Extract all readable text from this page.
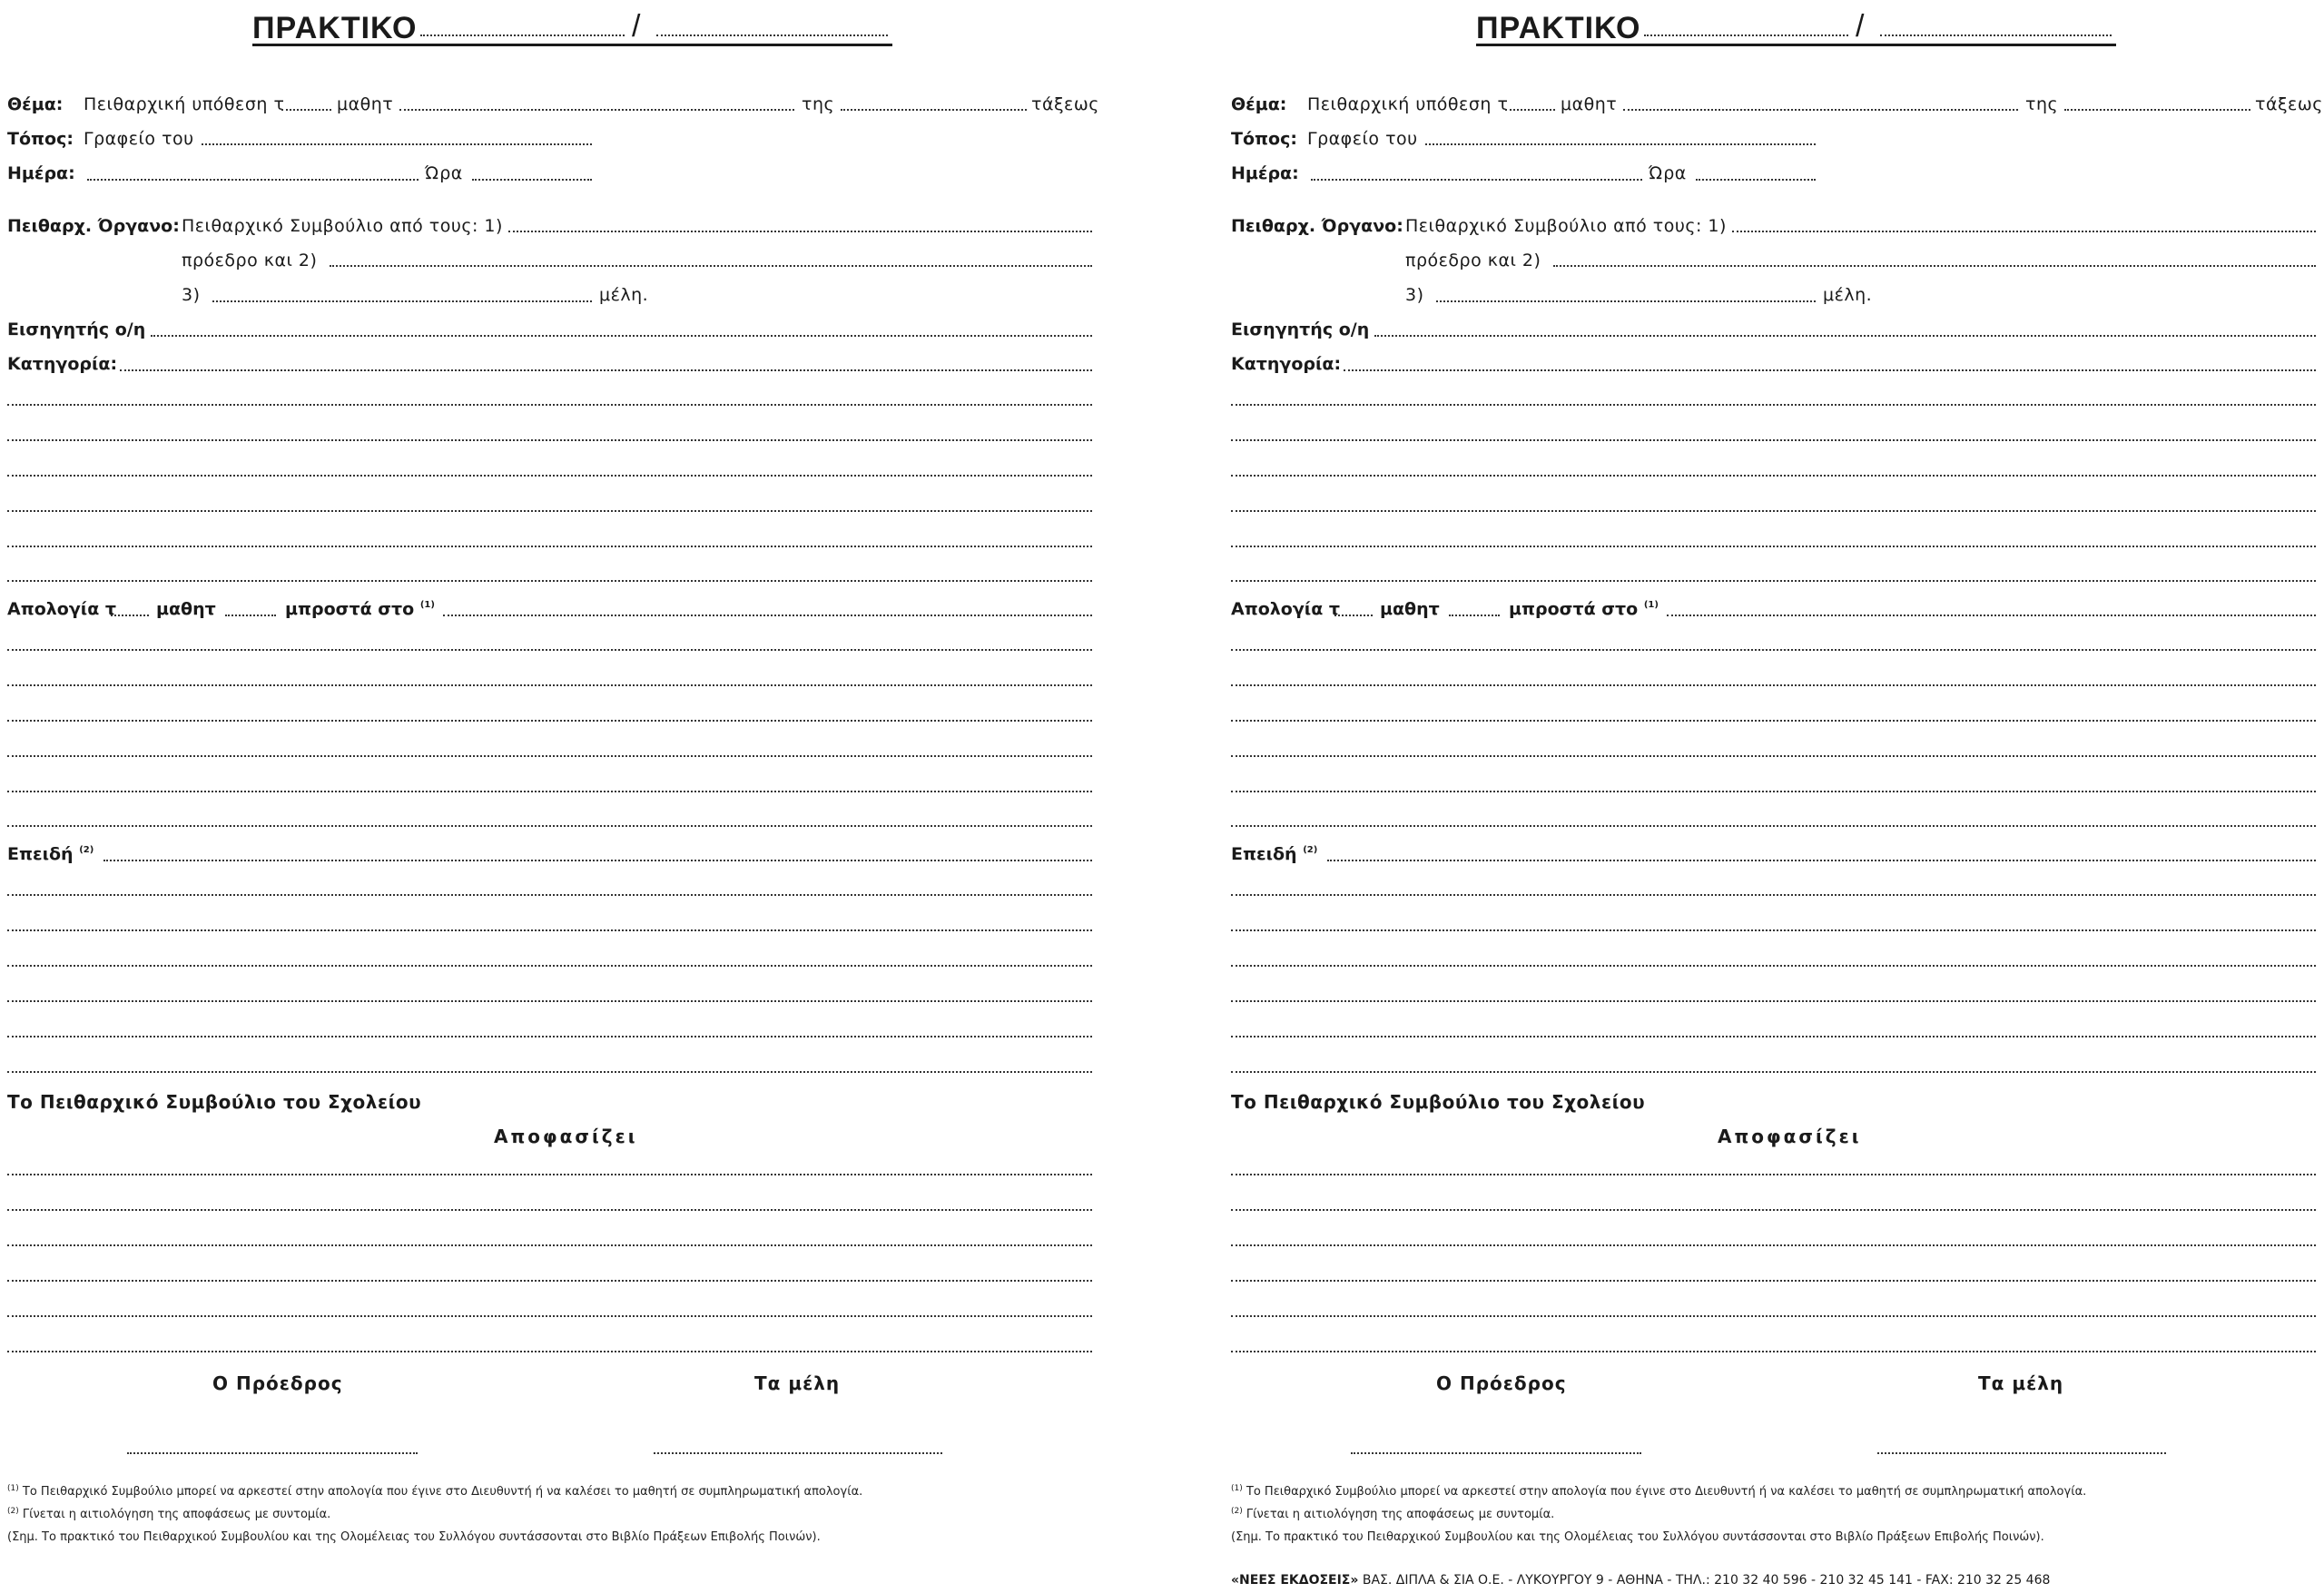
ΠΡΑΚΤΙΚΟ	/
Θέμα: Πειθαρχική υπόθεση τ	μαθητ	της	τάξεως
Τόπος: Γραφείο του
Ημέρα:	Ώρα
Πειθαρχ. Όργανο: Πειθαρχικό Συμβούλιο από τους: 1)
πρόεδρο και 2)
3)	μέλη.
Εισηγητής ο/η
Κατηγορία:
Απολογία τ μαθητ	μπροστά στο $^{(1)}$
Επειδή $^{(2)}$
Το Πειθαρχικό Συμβούλιο του Σχολείου
Αποφασίζει
Ο Πρόεδρος	Τα μέλη
$^{(1)}$ Το Πειθαρχικό Συμβούλιο μπορεί να αρκεστεί στην απολογία που έγινε στο Διευθυντή ή να καλέσει το μαθητή σε συμπληρωματική απολογία.
$^{(2)}$ Γίνεται η αιτιολόγηση της αποφάσεως με συντομία.
(Σημ. Το πρακτικό του Πειθαρχικού Συμβουλίου και της Ολομέλειας του Συλλόγου συντάσσονται στο Βιβλίο Πράξεων Επιβολής Ποινών).
ΠΡΑΚΤΙΚΟ	/
Θέμα: Πειθαρχική υπόθεση τ	μαθητ	της	τάξεως
Τόπος: Γραφείο του
Ημέρα:	Ώρα
Πειθαρχ. Όργανο: Πειθαρχικό Συμβούλιο από τους: 1)
πρόεδρο και 2)
3)	μέλη.
Εισηγητής ο/η
Κατηγορία:
Απολογία τ μαθητ	μπροστά στο $^{(1)}$
Επειδή $^{(2)}$
Το Πειθαρχικό Συμβούλιο του Σχολείου
Αποφασίζει
Ο Πρόεδρος	Τα μέλη
$^{(1)}$ Το Πειθαρχικό Συμβούλιο μπορεί να αρκεστεί στην απολογία που έγινε στο Διευθυντή ή να καλέσει το μαθητή σε συμπληρωματική απολογία.
$^{(2)}$ Γίνεται η αιτιολόγηση της αποφάσεως με συντομία.
(Σημ. Το πρακτικό του Πειθαρχικού Συμβουλίου και της Ολομέλειας του Συλλόγου συντάσσονται στο Βιβλίο Πράξεων Επιβολής Ποινών).
«ΝΕΕΣ ΕΚΔΟΣΕΙΣ» ΒΑΣ. ΔΙΠΛΑ & ΣΙΑ Ο.Ε. - ΛΥΚΟΥΡΓΟΥ 9 - ΑΘΗΝΑ - ΤΗΛ.: 210 32 40 596 - 210 32 45 141 - FAX: 210 32 25 468
